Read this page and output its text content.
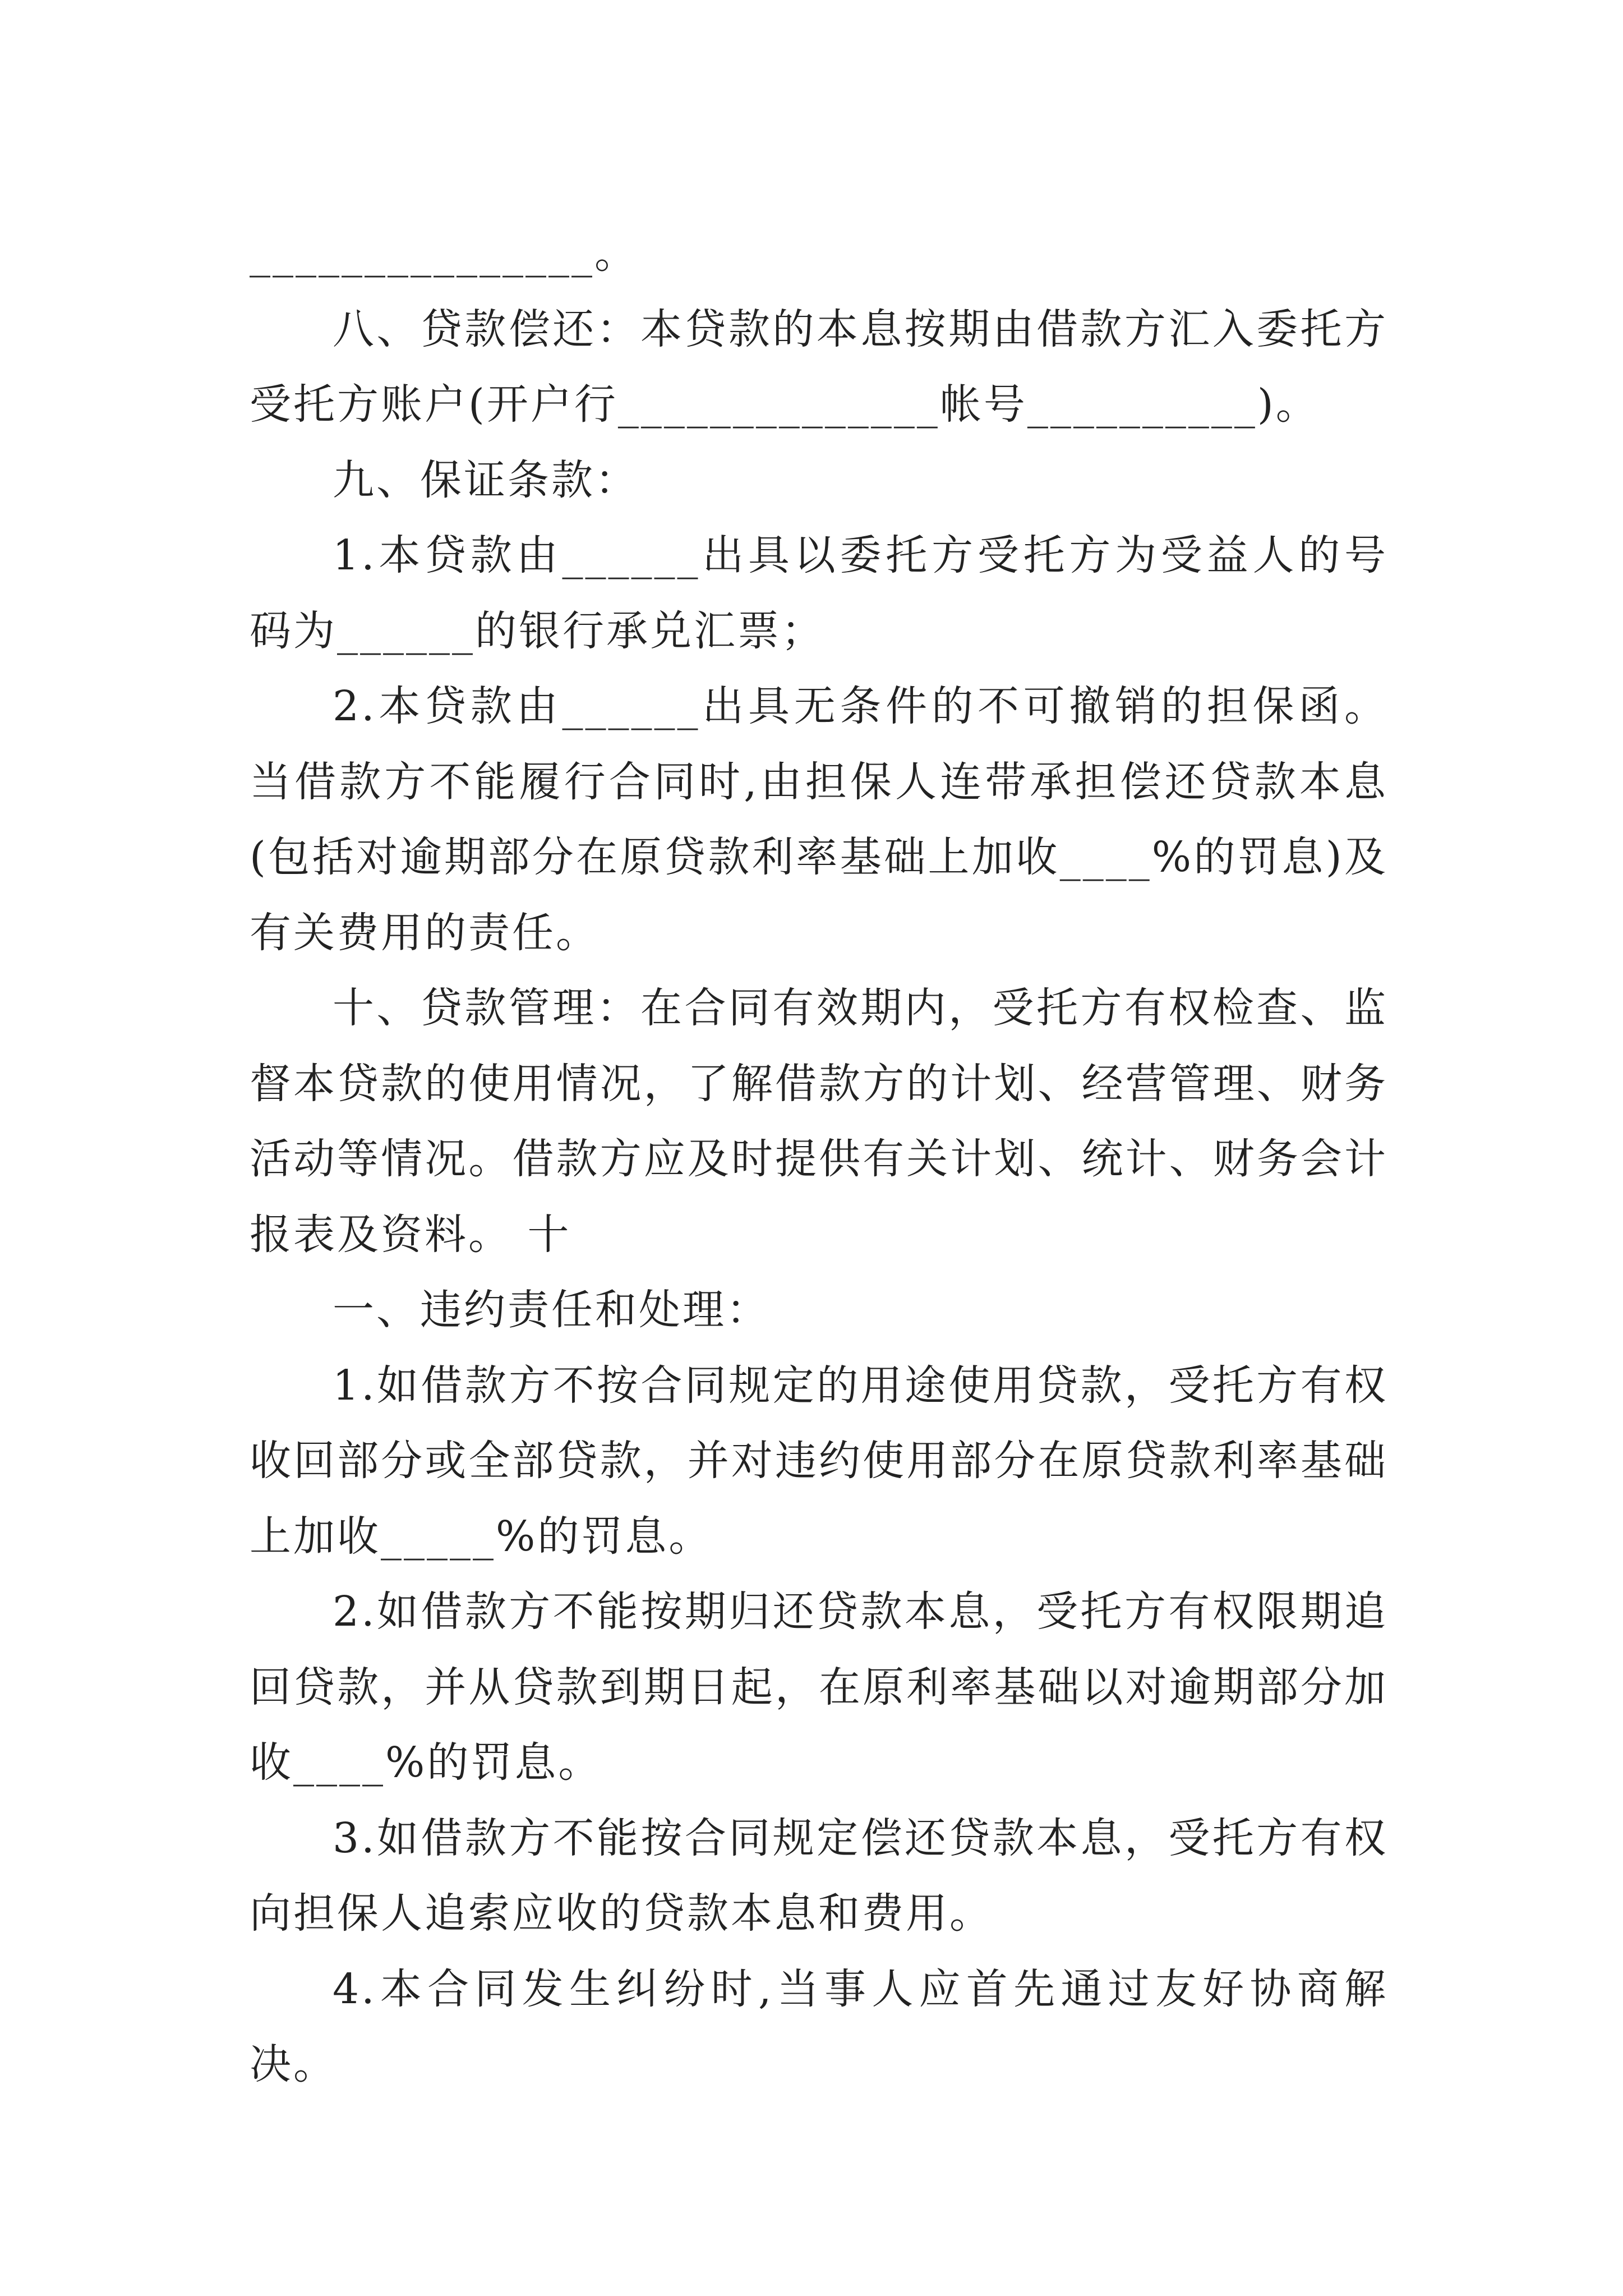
_______________。

八、贷款偿还：本贷款的本息按期由借款方汇入委托方受托方账户(开户行______________帐号__________)。

九、保证条款：

1.本贷款由______出具以委托方受托方为受益人的号码为______的银行承兑汇票；

2.本贷款由______出具无条件的不可撤销的担保函。当借款方不能履行合同时,由担保人连带承担偿还贷款本息(包括对逾期部分在原贷款利率基础上加收____%的罚息)及有关费用的责任。

十、贷款管理：在合同有效期内，受托方有权检查、监督本贷款的使用情况，了解借款方的计划、经营管理、财务活动等情况。借款方应及时提供有关计划、统计、财务会计报表及资料。 十

一、违约责任和处理：

1.如借款方不按合同规定的用途使用贷款，受托方有权收回部分或全部贷款，并对违约使用部分在原贷款利率基础上加收_____%的罚息。

2.如借款方不能按期归还贷款本息，受托方有权限期追回贷款，并从贷款到期日起，在原利率基础以对逾期部分加收____%的罚息。

3.如借款方不能按合同规定偿还贷款本息，受托方有权向担保人追索应收的贷款本息和费用。

4.本合同发生纠纷时,当事人应首先通过友好协商解决。
